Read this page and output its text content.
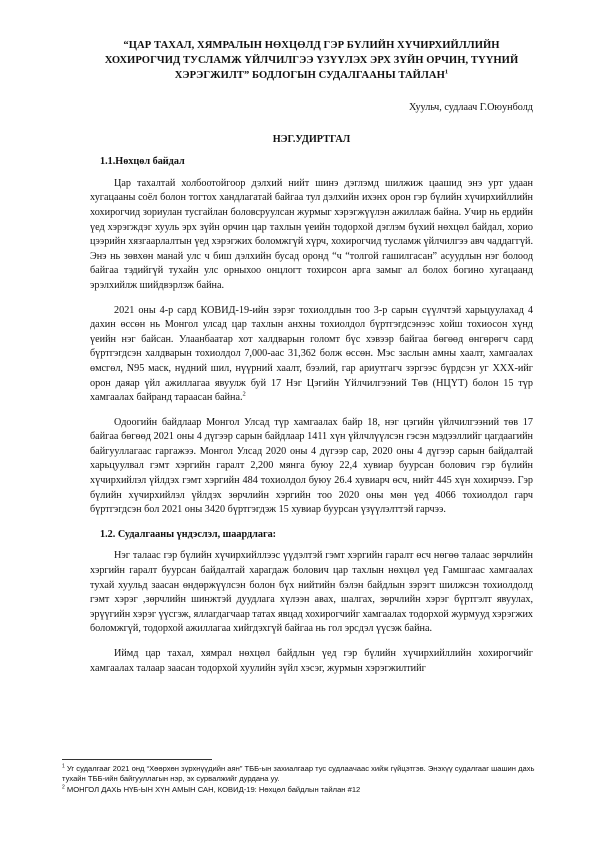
“ЦАР ТАХАЛ, ХЯМРАЛЫН НӨХЦӨЛД ГЭР БҮЛИЙН ХҮЧИРХИЙЛЛИЙН ХОХИРОГЧИД ТУСЛАМЖ ҮЙЛЧИЛГЭЭ ҮЗҮҮЛЭХ ЭРХ ЗҮЙН ОРЧИН, ТҮҮНИЙ ХЭРЭГЖИЛТ” БОДЛОГЫН СУДАЛГААНЫ ТАЙЛАН$^1$

Хуульч, судлаач Г.Оюунболд

НЭГ.УДИРТГАЛ

1.1.Нөхцөл байдал

Цар тахалтай холбоотойгоор дэлхий нийт шинэ дэглэмд шилжиж цаашид энэ урт удаан хугацааны соёл болон тогтох хандлагатай байгаа тул дэлхийн ихэнх орон гэр бүлийн хүчирхийллийн хохирогчид зориулан тусгайлан боловсруулсан журмыг хэрэгжүүлэн ажиллаж байна. Учир нь ердийн үед хэрэгждэг хууль эрх зүйн орчин цар тахлын үеийн тодорхой дэглэм бүхий нөхцөл байдал, хорио цээрийн хязгаарлалтын үед хэрэгжих боломжгүй хүрч, хохирогчид тусламж үйлчилгээ авч чаддаггүй. Энэ нь зөвхөн манай улс ч биш дэлхийн бусад оронд “ч “толгой гашилгасан” асуудлын нэг болоод байгаа тэдийгүй тухайн улс орныхоо онцлогт тохирсон арга замыг ал болох богино хугацаанд эрэлхийлж шийдвэрлэж байна.

2021 оны 4-р сард КОВИД-19-ийн зэрэг тохиолдлын тоо 3-р сарын сүүлчтэй харьцуулахад 4 дахин өссөн нь Монгол улсад цар тахлын анхны тохиолдол бүртгэгдсэнээс хойш тохиосон хүнд үеийн нэг байсан. Улаанбаатар хот халдварын голомт бүс хэвээр байгаа бөгөөд өнгөрөгч сард бүртгэгдсэн халдварын тохиолдол 7,000-аас 31,362 болж өссөн. Мэс заслын амны хаалт, хамгаалах өмсгөл, N95 маск, нүдний шил, нүүрний хаалт, бээлий, гар ариутгагч зэргээс бүрдсэн уг ХХХ-ийг орон даяар үйл ажиллагаа явуулж буй 17 Нэг Цэгийн Үйлчилгээний Төв (НЦҮТ) болон 15 түр хамгаалах байранд тараасан байна.$^2$

Одоогийн байдлаар Монгол Улсад түр хамгаалах байр 18, нэг цэгийн үйлчилгээний төв 17 байгаа бөгөөд 2021 оны 4 дүгээр сарын байдлаар 1411 хүн үйлчлүүлсэн гэсэн мэдээллийг цагдаагийн байгууллагаас гаргажээ. Монгол Улсад 2020 оны 4 дүгээр сар, 2020 оны 4 дүгээр сарын байдалтай харьцуулвал гэмт хэргийн гаралт 2,200 мянга буюу 22,4 хувиар буурсан болович гэр бүлийн хүчирхийлэл үйлдэх гэмт хэргийн 484 тохиолдол буюу 26.4 хувиарч өсч, нийт 445 хүн хохирчээ. Гэр бүлийн хүчирхийлэл үйлдэх зөрчлийн хэргийн тоо 2020 оны мөн үед 4066 тохиолдол гарч бүртгэгдсэн бол 2021 оны 3420 бүртгэгдэж 15 хувиар буурсан үзүүлэлттэй гарчээ.

1.2. Судалгааны үндэслэл, шаардлага:

Нэг талаас гэр бүлийн хүчирхийллээс үүдэлтэй гэмт хэргийн гаралт өсч нөгөө талаас зөрчлийн хэргийн гаралт буурсан байдалтай харагдаж болович цар тахлын нөхцөл үед Гамшгаас хамгаалах тухай хуульд заасан өндөржүүлсэн болон бүх нийтийн бэлэн байдлын зэрэгт шилжсэн тохиолдолд гэмт хэрэг ,зөрчлийн шинжтэй дуудлага хүлээн авах, шалгах, зөрчлийн хэрэг бүртгэлт явуулах, эрүүгийн хэрэг үүсгэж, яллагдагчаар татах явцад хохирогчийг хамгаалах тодорхой журмууд хэрэгжих боломжгүй, тодорхой ажиллагаа хийгдэхгүй байгаа нь гол эрсдэл үүсэж байна.

Иймд цар тахал, хямрал нөхцөл байдлын үед гэр бүлийн хүчирхийллийн хохирогчийг хамгаалах талаар заасан тодорхой хуулийн зүйл хэсэг, журмын хэрэгжилтийг

$^1$ Уг судалгааг 2021 онд “Хөөрхөн зүрхнүүдийн аян” ТББ-ын захиалгаар тус судлаачаас хийж гүйцэтгэв. Энэхүү судалгааг шашин дахь тухайн ТББ-ийн байгууллагын нэр, эх сурвалжийг дурдана уу.

$^2$ МОНГОЛ ДАХЬ НҮБ-ЫН ХҮН АМЫН САН, КОВИД-19: Нөхцөл байдлын тайлан #12
